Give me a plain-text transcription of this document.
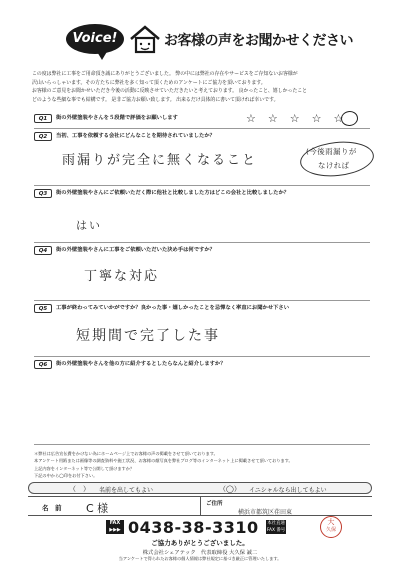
Voice!	お客様の声をお聞かせください

この度は弊社に工事をご用命頂き誠にありがとうございました。 弊の中には弊社の存在やサービスをご存知ないお客様が

沢山いらっしゃいます。その方たちに弊社を多く知って頂くためのアンケートにご協力を頂いております。

お客様のご意見をお聞かせいただき今後の活動に反映させていただきたいと考えております。 良かったこと、嬉しかったこと

どのような些細な事でも結構です。 是非ご協力お願い致します。 出来るだけ具体的に書いて頂ければ幸いです。

Q1	街の外壁塗装やさんを５段階で評価をお願いします	☆☆☆☆☆
Q2	当初、工事を依頼する会社にどんなことを期待されていましたか？
雨漏りが完全に無くなること
(今後雨漏りが
なければ
Q3	街の外壁塗装やさんにご依頼いただく際に他社と比較しました方はどこの会社と比較しましたか？
はい
Q4	街の外壁塗装やさんに工事をご依頼いただいた決め手は何ですか？
丁寧な対応
Q5	工事が終わってみていかがですか？良かった事・嬉しかったことを忌憚なく率直にお聞かせ下さい
短期間で完了した事
Q6	街の外壁塗装やさんを他の方に紹介するとしたらなんと紹介しますか？

＊弊社は広告宣伝費をかけない為にホームページ上でお客様の声の掲載をさせて頂いております。

本アンケート用紙または画像等の調査資料や施工状況、お客様の顔写真を弊社ブログ等のインターネット上に掲載させて頂いております。

上記内容をインターネット等で公開して頂けますか？

下記の中から◯印をお付下さい。

（　） 名前を出してもよい	（◯） イニシャルなら出してもよい
名　前 C 様	ご住所
横浜市都筑区荏田東
FAX
▶▶▶ 0438-38-3310 本社直通
FAX 番号
大
久保
ご協力ありがとうございました。
株式会社シェアテック　代表取締役 大久保 誠二
当アンケートで得られたお客様の個人情報は弊社規定に基づき厳正に管理いたします。
